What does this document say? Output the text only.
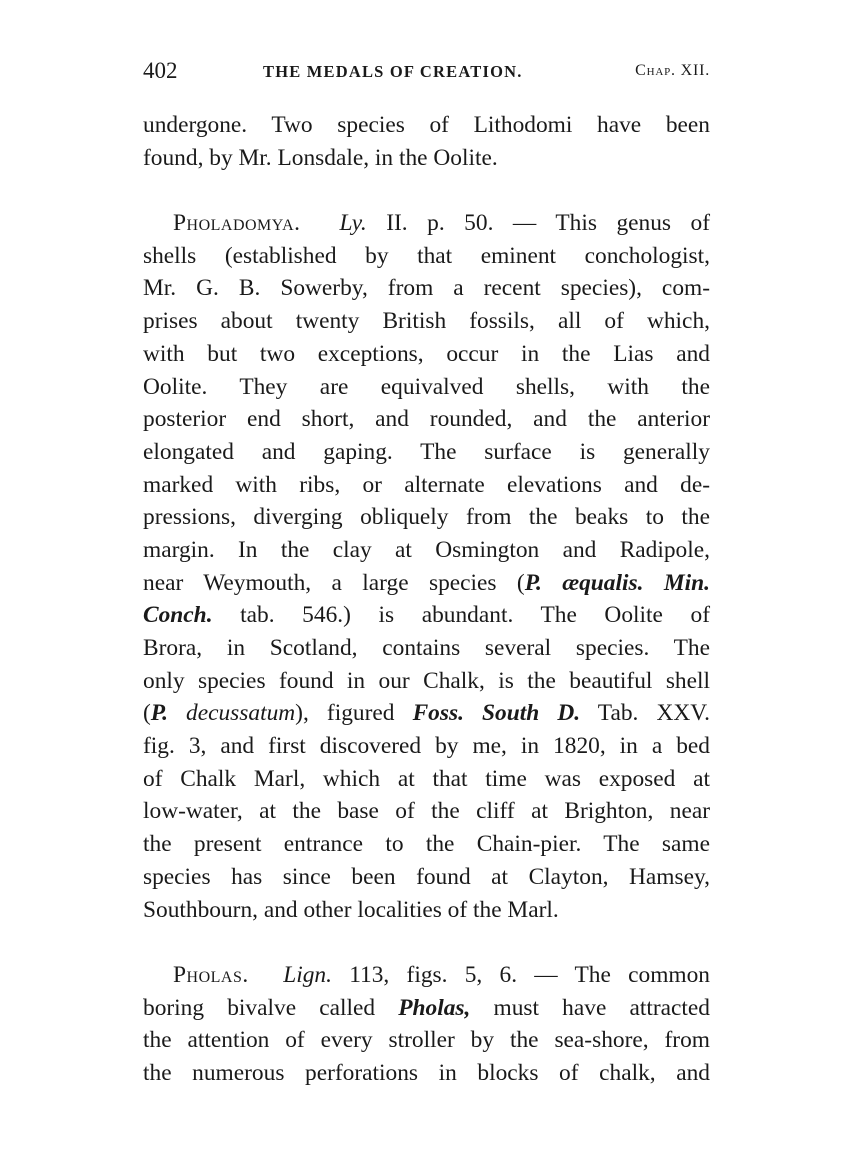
402	THE MEDALS OF CREATION.	Chap. XII.
undergone. Two species of Lithodomi have been
found, by Mr. Lonsdale, in the Oolite.
Pholadomya. Ly. II. p. 50. — This genus of
shells (established by that eminent conchologist,
Mr. G. B. Sowerby, from a recent species), com-
prises about twenty British fossils, all of which,
with but two exceptions, occur in the Lias and
Oolite. They are equivalved shells, with the
posterior end short, and rounded, and the anterior
elongated and gaping. The surface is generally
marked with ribs, or alternate elevations and de-
pressions, diverging obliquely from the beaks to the
margin. In the clay at Osmington and Radipole,
near Weymouth, a large species (P. æqualis. Min.
Conch. tab. 546.) is abundant. The Oolite of
Brora, in Scotland, contains several species. The
only species found in our Chalk, is the beautiful shell
(P. decussatum), figured Foss. South D. Tab. XXV.
fig. 3, and first discovered by me, in 1820, in a bed
of Chalk Marl, which at that time was exposed at
low-water, at the base of the cliff at Brighton, near
the present entrance to the Chain-pier. The same
species has since been found at Clayton, Hamsey,
Southbourn, and other localities of the Marl.
Pholas. Lign. 113, figs. 5, 6. — The common
boring bivalve called Pholas, must have attracted
the attention of every stroller by the sea-shore, from
the numerous perforations in blocks of chalk, and
